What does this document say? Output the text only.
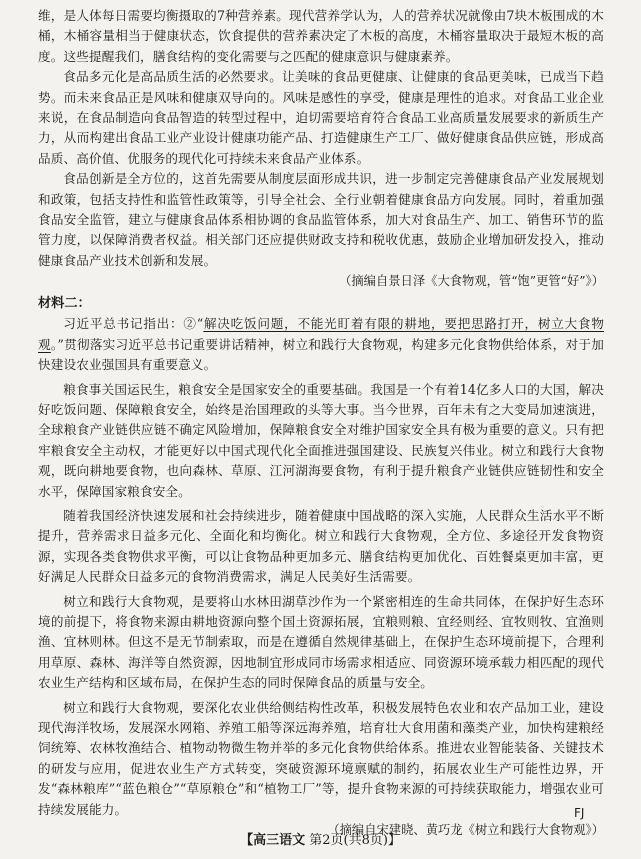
维，是人体每日需要均衡摄取的7种营养素。现代营养学认为，人的营养状况就像由7块木板围成的木桶，木桶容量相当于健康状态，饮食提供的营养素决定了木板的高度，木桶容量取决于最短木板的高度。这些提醒我们，膳食结构的变化需要与之匹配的健康意识与健康素养。

食品多元化是高品质生活的必然要求。让美味的食品更健康、让健康的食品更美味，已成当下趋势。而未来食品正是风味和健康双导向的。风味是感性的享受，健康是理性的追求。对食品工业企业来说，在食品制造向食品智造的转型过程中，迫切需要培育符合食品工业高质量发展要求的新质生产力，从而构建出食品工业产业设计健康功能产品、打造健康生产工厂、做好健康食品供应链，形成高品质、高价值、优服务的现代化可持续未来食品产业体系。

食品创新是全方位的，这首先需要从制度层面形成共识，进一步制定完善健康食品产业发展规划和政策，包括支持性和监管性政策等，引导全社会、全行业朝着健康食品方向发展。同时，着重加强食品安全监管，建立与健康食品体系相协调的食品监管体系，加大对食品生产、加工、销售环节的监管力度，以保障消费者权益。相关部门还应提供财政支持和税收优惠，鼓励企业增加研发投入，推动健康食品产业技术创新和发展。

（摘编自景日泽《大食物观，管“饱”更管“好”》）

材料二：

习近平总书记指出：②“解决吃饭问题，不能光盯着有限的耕地，要把思路打开，树立大食物观。”贯彻落实习近平总书记重要讲话精神，树立和践行大食物观，构建多元化食物供给体系，对于加快建设农业强国具有重要意义。

粮食事关国运民生，粮食安全是国家安全的重要基础。我国是一个有着14亿多人口的大国，解决好吃饭问题、保障粮食安全，始终是治国理政的头等大事。当今世界，百年未有之大变局加速演进，全球粮食产业链供应链不确定风险增加，保障粮食安全对维护国家安全具有极为重要的意义。只有把牢粮食安全主动权，才能更好以中国式现代化全面推进强国建设、民族复兴伟业。树立和践行大食物观，既向耕地要食物，也向森林、草原、江河湖海要食物，有利于提升粮食产业链供应链韧性和安全水平，保障国家粮食安全。

随着我国经济快速发展和社会持续进步，随着健康中国战略的深入实施，人民群众生活水平不断提升，营养需求日益多元化、全面化和均衡化。树立和践行大食物观，全方位、多途径开发食物资源，实现各类食物供求平衡，可以让食物品种更加多元、膳食结构更加优化、百姓餐桌更加丰富，更好满足人民群众日益多元的食物消费需求，满足人民美好生活需要。

树立和践行大食物观，是要将山水林田湖草沙作为一个紧密相连的生命共同体，在保护好生态环境的前提下，将食物来源由耕地资源向整个国土资源拓展，宜粮则粮、宜经则经、宜牧则牧、宜渔则渔、宜林则林。但这不是无节制索取，而是在遵循自然规律基础上，在保护生态环境前提下，合理利用草原、森林、海洋等自然资源，因地制宜形成同市场需求相适应、同资源环境承载力相匹配的现代农业生产结构和区域布局，在保护生态的同时保障食品的质量与安全。

树立和践行大食物观，要深化农业供给侧结构性改革，积极发展特色农业和农产品加工业，建设现代海洋牧场，发展深水网箱、养殖工船等深远海养殖，培育壮大食用菌和藻类产业，加快构建粮经饲统筹、农林牧渔结合、植物动物微生物并举的多元化食物供给体系。推进农业智能装备、关键技术的研发与应用，促进农业生产方式转变，突破资源环境禀赋的制约，拓展农业生产可能性边界，开发“森林粮库”“蓝色粮仓”“草原粮仓”和“植物工厂”等，提升食物来源的可持续获取能力，增强农业可持续发展能力。

（摘编自宋建晓、黄巧龙《树立和践行大食物观》）

FJ
【高三语文 第2页(共8页)】
